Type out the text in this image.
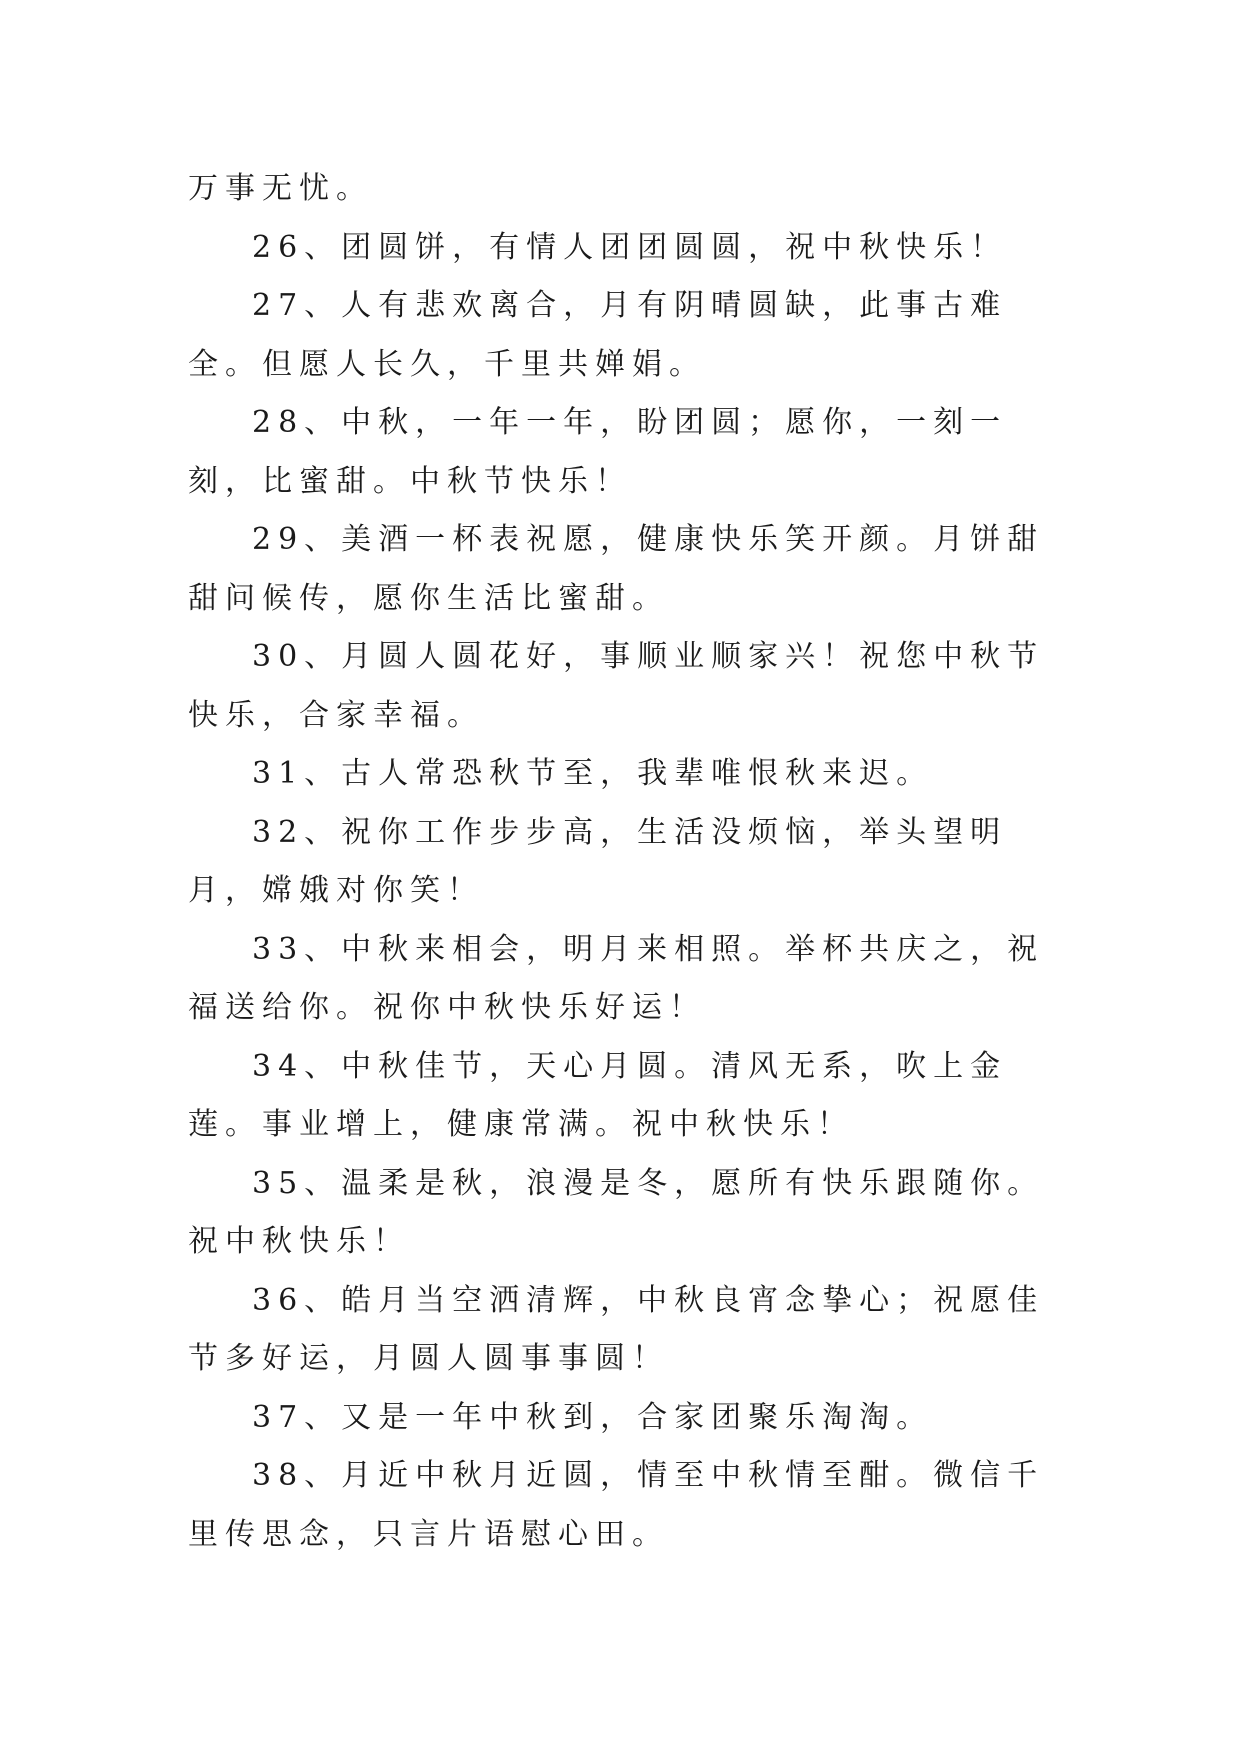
万事无忧。

26、团圆饼，有情人团团圆圆，祝中秋快乐！

27、人有悲欢离合，月有阴晴圆缺，此事古难全。但愿人长久，千里共婵娟。

28、中秋，一年一年，盼团圆；愿你，一刻一刻，比蜜甜。中秋节快乐！

29、美酒一杯表祝愿，健康快乐笑开颜。月饼甜甜问候传，愿你生活比蜜甜。

30、月圆人圆花好，事顺业顺家兴！祝您中秋节快乐，合家幸福。

31、古人常恐秋节至，我辈唯恨秋来迟。

32、祝你工作步步高，生活没烦恼，举头望明月，嫦娥对你笑！

33、中秋来相会，明月来相照。举杯共庆之，祝福送给你。祝你中秋快乐好运！

34、中秋佳节，天心月圆。清风无系，吹上金莲。事业增上，健康常满。祝中秋快乐！

35、温柔是秋，浪漫是冬，愿所有快乐跟随你。祝中秋快乐！

36、皓月当空洒清辉，中秋良宵念挚心；祝愿佳节多好运，月圆人圆事事圆！

37、又是一年中秋到，合家团聚乐淘淘。

38、月近中秋月近圆，情至中秋情至酣。微信千里传思念，只言片语慰心田。
